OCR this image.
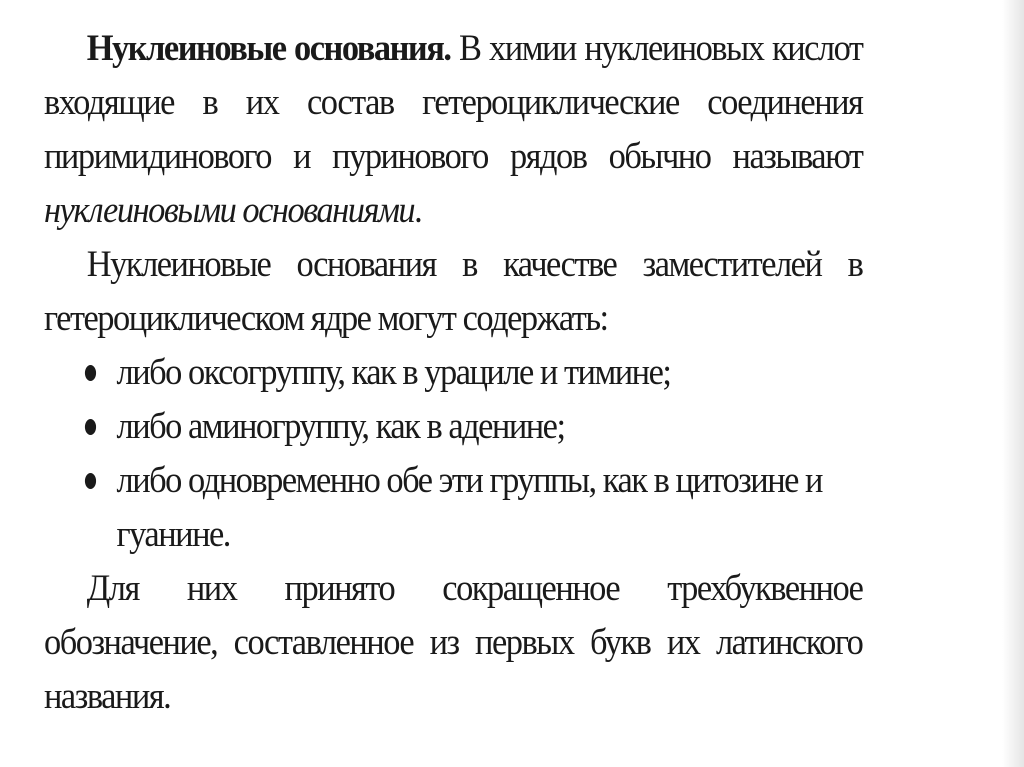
Нуклеиновые основания. В химии нуклеиновых кислот входящие в их состав гетероциклические соединения пиримидинового и пуринового рядов обычно называют нуклеиновыми основаниями.

Нуклеиновые основания в качестве заместителей в гетероциклическом ядре могут содержать:

либо оксогруппу, как в урациле и тимине;
либо аминогруппу, как в аденине;
либо одновременно обе эти группы, как в цитозине и гуанине.

Для них принято сокращенное трехбуквенное обозначение, составленное из первых букв их латинского названия.
